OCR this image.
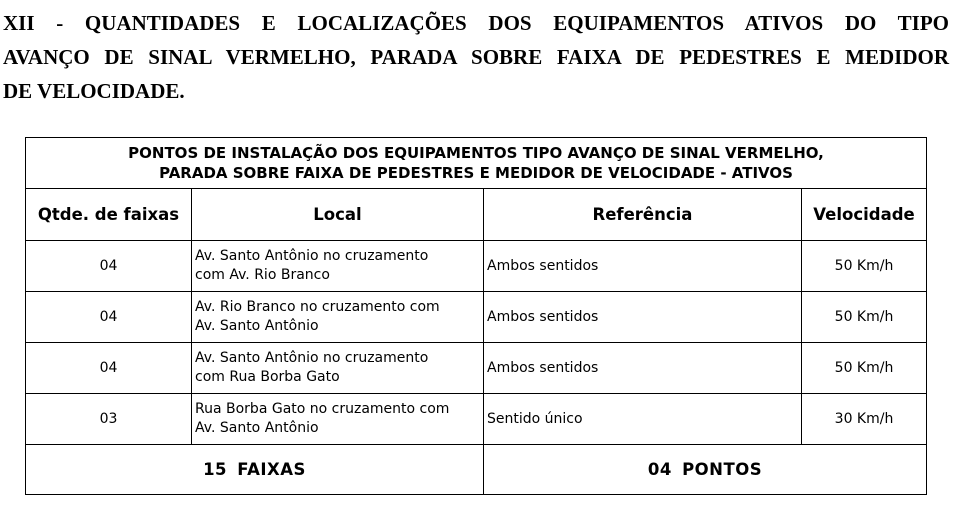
XII - QUANTIDADES E LOCALIZAÇÕES DOS EQUIPAMENTOS ATIVOS DO TIPO
AVANÇO DE SINAL VERMELHO, PARADA SOBRE FAIXA DE PEDESTRES E MEDIDOR
DE VELOCIDADE.
PONTOS DE INSTALAÇÃO DOS EQUIPAMENTOS TIPO AVANÇO DE SINAL VERMELHO,
PARADA SOBRE FAIXA DE PEDESTRES E MEDIDOR DE VELOCIDADE - ATIVOS			

Qtde. de faixas	Local	Referência	Velocidade
04	Av. Santo Antônio no cruzamento
com Av. Rio Branco	Ambos sentidos	50 Km/h
04	Av. Rio Branco no cruzamento com
Av. Santo Antônio	Ambos sentidos	50 Km/h
04	Av. Santo Antônio no cruzamento
com Rua Borba Gato	Ambos sentidos	50 Km/h
03	Rua Borba Gato no cruzamento com
Av. Santo Antônio	Sentido único	30 Km/h
15 FAIXAS		04 PONTOS	
